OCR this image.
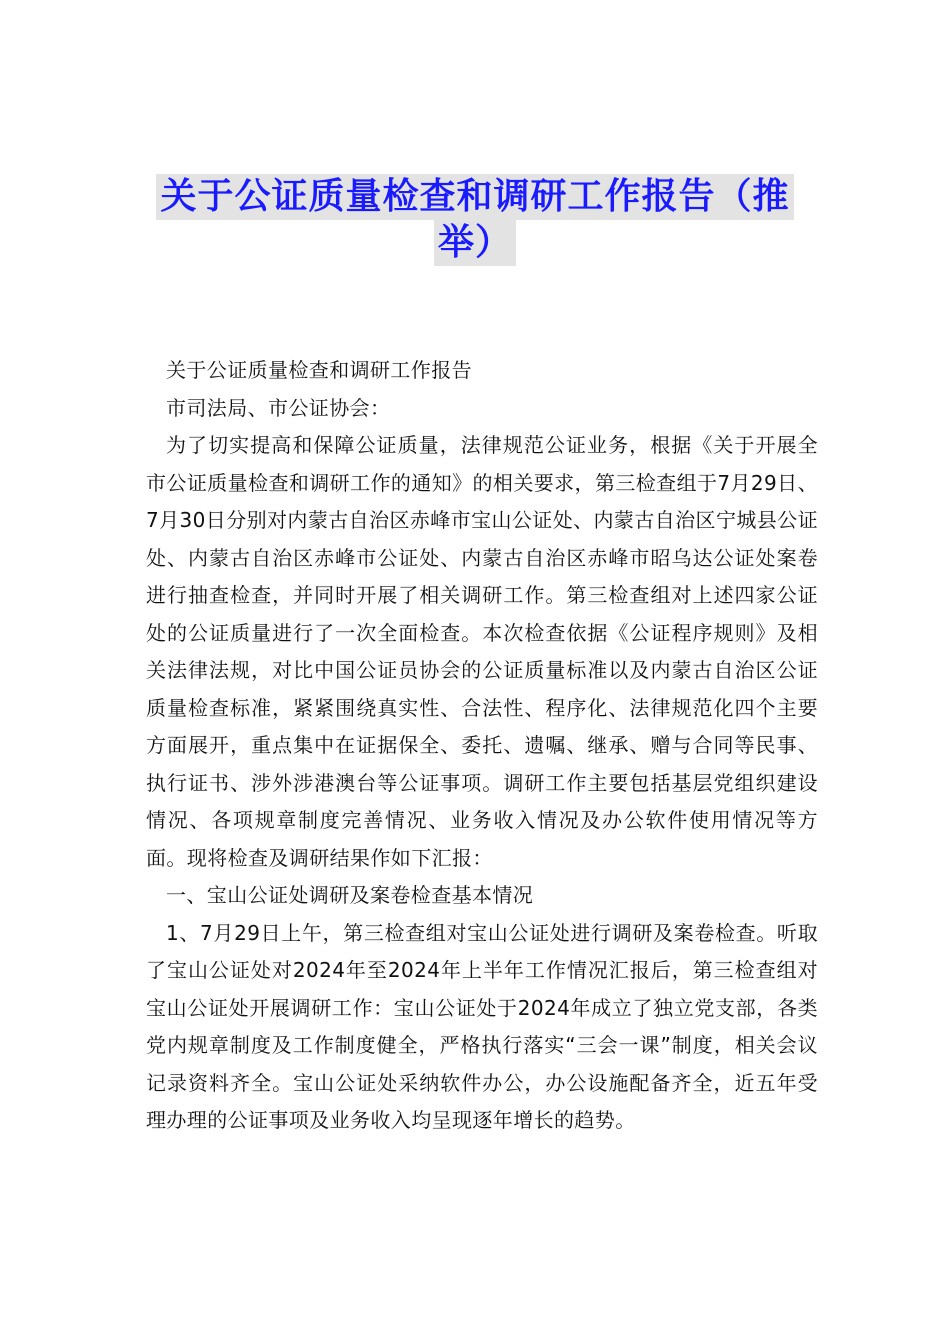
关于公证质量检查和调研工作报告（推
举）

关于公证质量检查和调研工作报告

市司法局、市公证协会：

为了切实提高和保障公证质量，法律规范公证业务，根据《关于开展全市公证质量检查和调研工作的通知》的相关要求，第三检查组于7月29日、7月30日分别对内蒙古自治区赤峰市宝山公证处、内蒙古自治区宁城县公证处、内蒙古自治区赤峰市公证处、内蒙古自治区赤峰市昭乌达公证处案卷进行抽查检查，并同时开展了相关调研工作。第三检查组对上述四家公证处的公证质量进行了一次全面检查。本次检查依据《公证程序规则》及相关法律法规，对比中国公证员协会的公证质量标准以及内蒙古自治区公证质量检查标准，紧紧围绕真实性、合法性、程序化、法律规范化四个主要方面展开，重点集中在证据保全、委托、遗嘱、继承、赠与合同等民事、执行证书、涉外涉港澳台等公证事项。调研工作主要包括基层党组织建设情况、各项规章制度完善情况、业务收入情况及办公软件使用情况等方面。现将检查及调研结果作如下汇报：

一、宝山公证处调研及案卷检查基本情况

1、7月29日上午，第三检查组对宝山公证处进行调研及案卷检查。听取了宝山公证处对2024年至2024年上半年工作情况汇报后，第三检查组对宝山公证处开展调研工作：宝山公证处于2024年成立了独立党支部，各类党内规章制度及工作制度健全，严格执行落实“三会一课”制度，相关会议记录资料齐全。宝山公证处采纳软件办公，办公设施配备齐全，近五年受理办理的公证事项及业务收入均呈现逐年增长的趋势。
